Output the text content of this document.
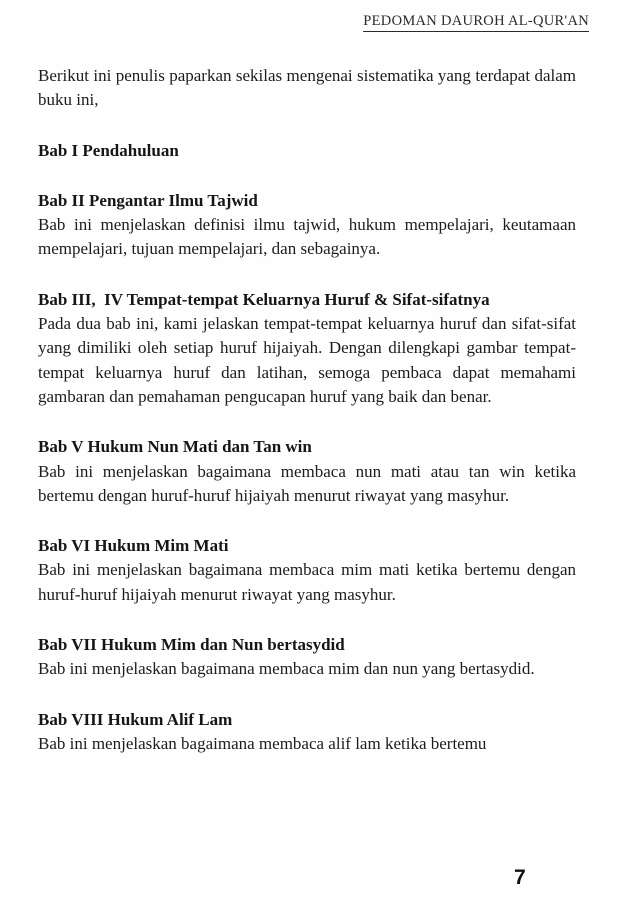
PEDOMAN DAUROH AL-QUR'AN

Berikut ini penulis paparkan sekilas mengenai sistematika yang terdapat dalam buku ini,

Bab I Pendahuluan
Bab II Pengantar Ilmu Tajwid

Bab ini menjelaskan definisi ilmu tajwid, hukum mempelajari, keutamaan mempelajari, tujuan mempelajari, dan sebagainya.

Bab III,  IV Tempat-tempat Keluarnya Huruf & Sifat-sifatnya

Pada dua bab ini, kami jelaskan tempat-tempat keluarnya huruf dan sifat-sifat yang dimiliki oleh setiap huruf hijaiyah. Dengan dilengkapi gambar tempat-tempat keluarnya huruf dan latihan, semoga pembaca dapat memahami gambaran dan pemahaman pengucapan huruf yang baik dan benar.

Bab V Hukum Nun Mati dan Tan win

Bab ini menjelaskan bagaimana membaca nun mati atau tan win ketika bertemu dengan huruf-huruf hijaiyah menurut riwayat yang masyhur.

Bab VI Hukum Mim Mati

Bab ini menjelaskan bagaimana membaca mim mati ketika bertemu dengan huruf-huruf hijaiyah menurut riwayat yang masyhur.

Bab VII Hukum Mim dan Nun bertasydid

Bab ini menjelaskan bagaimana membaca mim dan nun yang bertasydid.

Bab VIII Hukum Alif Lam

Bab ini menjelaskan bagaimana membaca alif lam ketika bertemu

7
